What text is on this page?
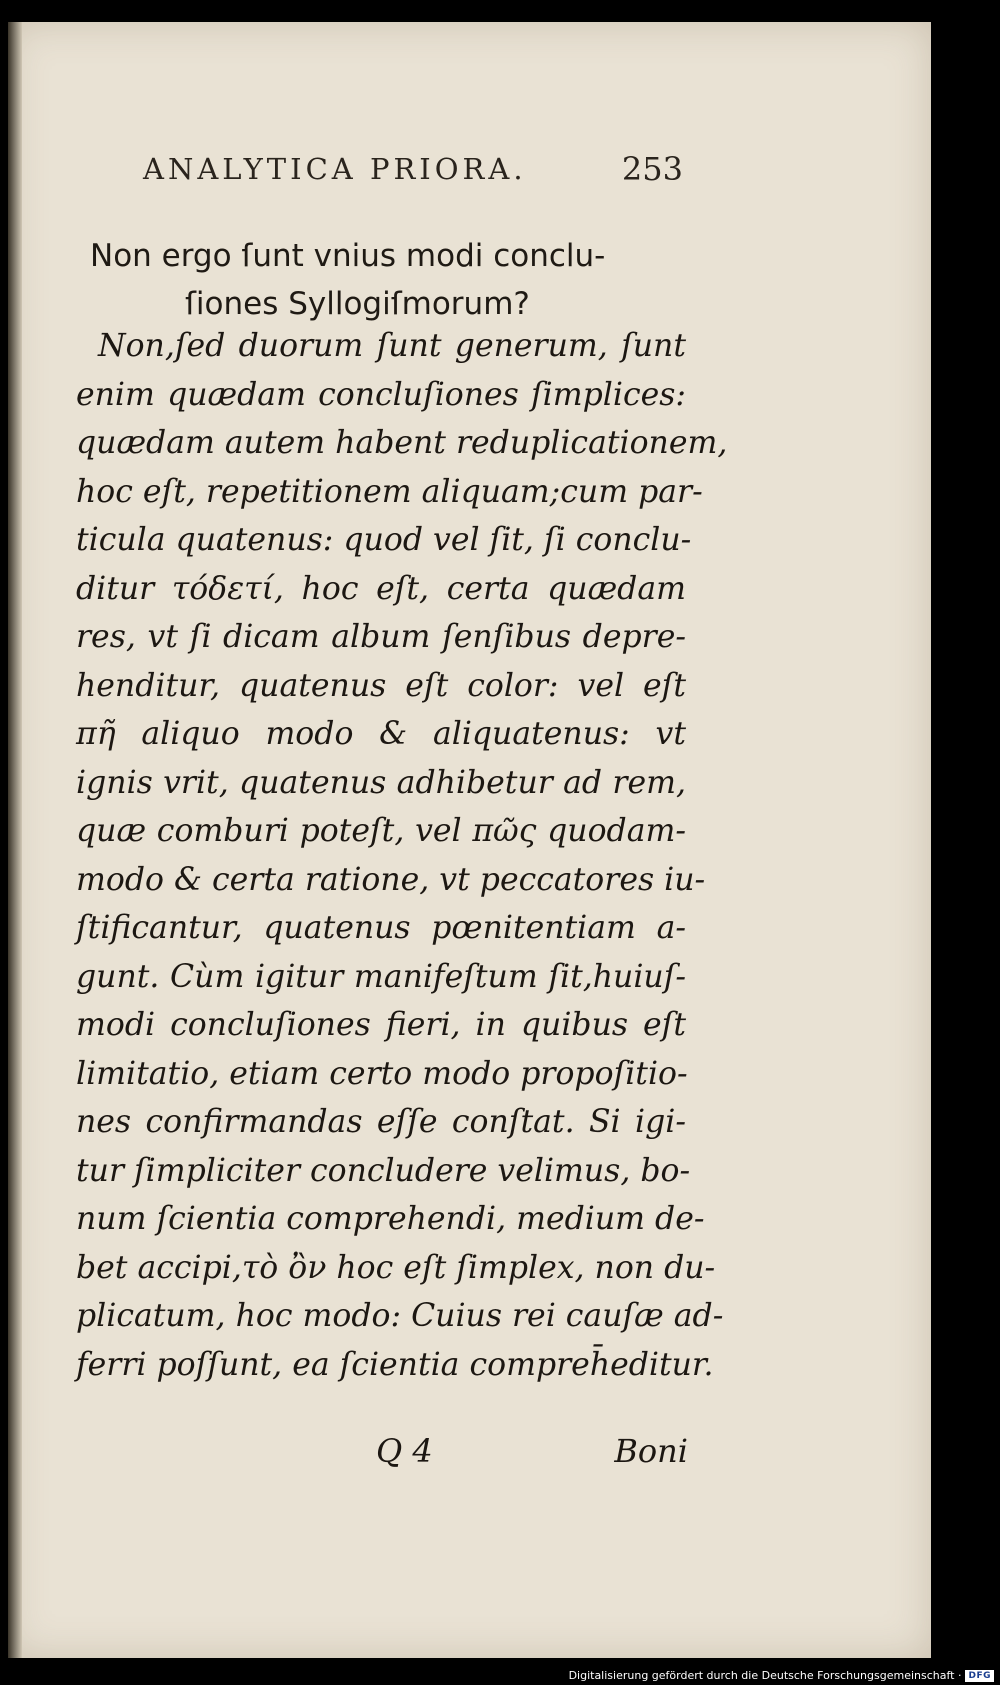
ANALYTICA PRIORA.	253
Non ergo ſunt vnius modi conclu-
ſiones Syllogiſmorum?
Non,ſed duorum ſunt generum, ſunt
enim quædam concluſiones ſimplices:
quædam autem habent reduplicationem,
hoc eſt, repetitionem aliquam;cum par-
ticula quatenus: quod vel ſit, ſi conclu-
ditur τόδετί, hoc eſt, certa quædam
res, vt ſi dicam album ſenſibus depre-
henditur, quatenus eſt color: vel eſt
πῆ aliquo modo & aliquatenus: vt
ignis vrit, quatenus adhibetur ad rem,
quæ comburi poteſt, vel πῶς quodam-
modo & certa ratione, vt peccatores iu-
ſtificantur, quatenus pœnitentiam a-
gunt. Cùm igitur manifeſtum ſit,huiuſ-
modi concluſiones fieri, in quibus eſt
limitatio, etiam certo modo propoſitio-
nes confirmandas eſſe conſtat. Si igi-
tur ſimpliciter concludere velimus, bo-
num ſcientia comprehendi, medium de-
bet accipi,τὸ ὂν hoc eſt ſimplex, non du-
plicatum, hoc modo: Cuius rei cauſæ ad-
ferri poſſunt, ea ſcientia compreh̄editur.
Q 4	Boni
Digitalisierung gefördert durch die Deutsche Forschungsgemeinschaft · DFG
